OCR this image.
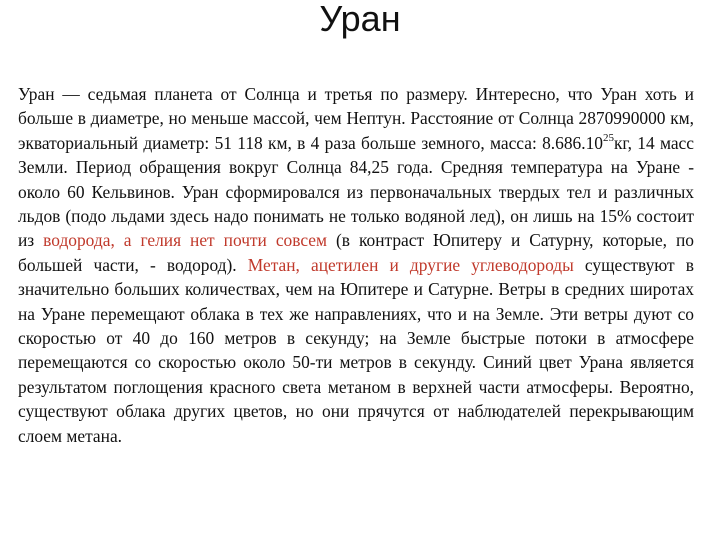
Уран
Уран — седьмая планета от Солнца и третья по размеру. Интересно, что Уран хоть и больше в диаметре, но меньше массой, чем Нептун. Расстояние от Солнца 2870990000 км, экваториальный диаметр: 51 118 км, в 4 раза больше земного, масса: 8.686.10$^{25}$кг, 14 масс Земли. Период обращения вокруг Солнца 84,25 года. Средняя температура на Уране - около 60 Кельвинов. Уран сформировался из первоначальных твердых тел и различных льдов (подо льдами здесь надо понимать не только водяной лед), он лишь на 15% состоит из водорода, а гелия нет почти совсем (в контраст Юпитеру и Сатурну, которые, по большей части, - водород). Метан, ацетилен и другие углеводороды существуют в значительно больших количествах, чем на Юпитере и Сатурне. Ветры в средних широтах на Уране перемещают облака в тех же направлениях, что и на Земле. Эти ветры дуют со скоростью от 40 до 160 метров в секунду; на Земле быстрые потоки в атмосфере перемещаются со скоростью около 50-ти метров в секунду. Синий цвет Урана является результатом поглощения красного света метаном в верхней части атмосферы. Вероятно, существуют облака других цветов, но они прячутся от наблюдателей перекрывающим слоем метана.
